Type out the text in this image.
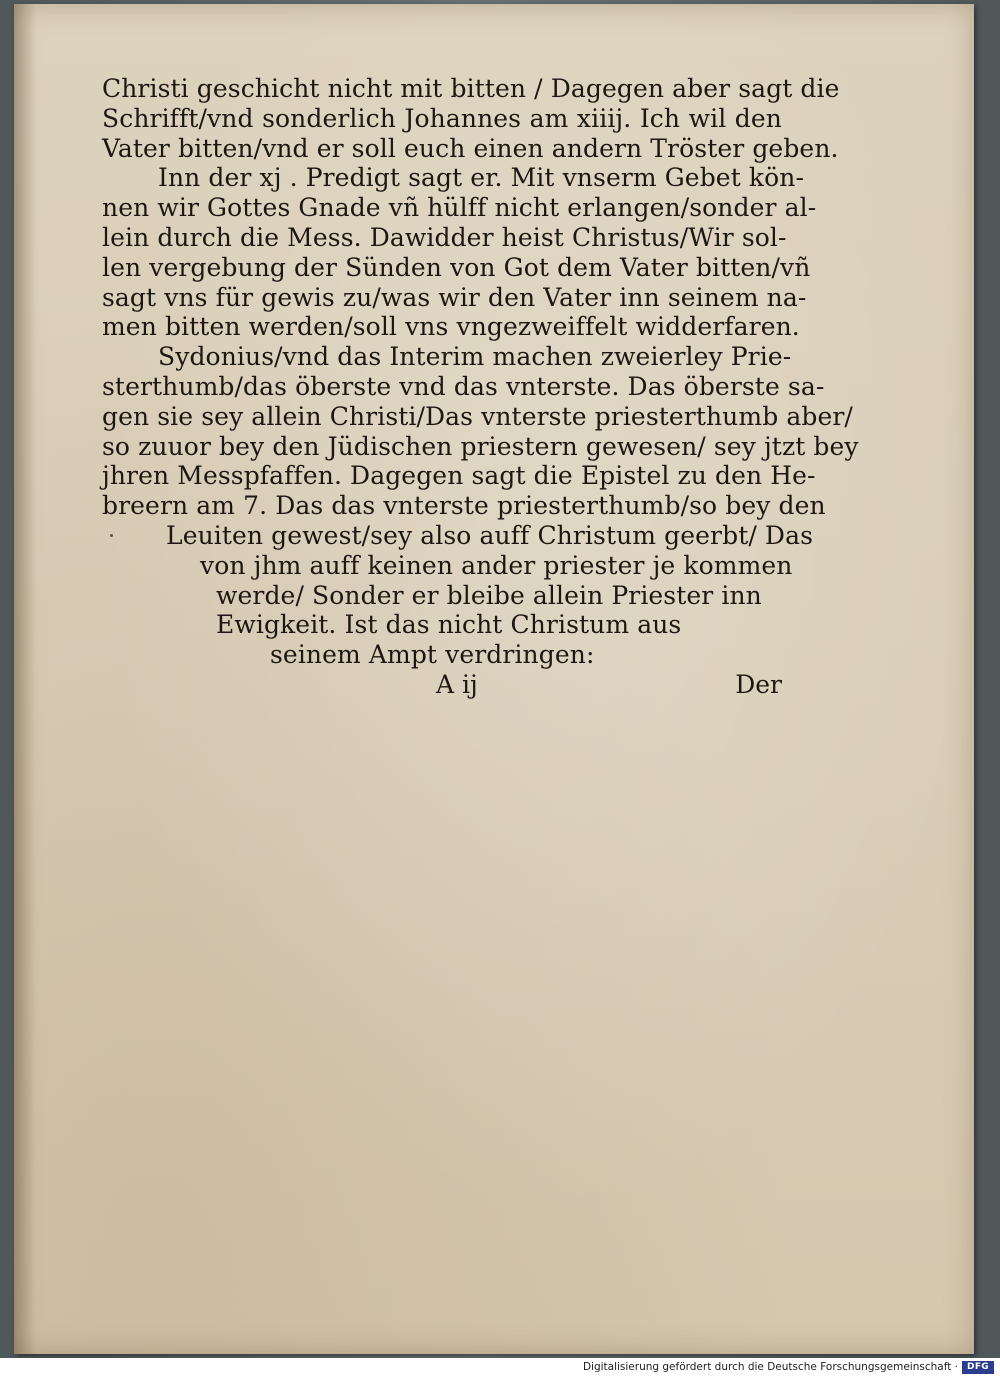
Christi geschicht nicht mit bitten / Dagegen aber sagt die
Schrifft/vnd sonderlich Johannes am xiiij. Ich wil den
Vater bitten/vnd er soll euch einen andern Tröster geben.
Inn der xj . Predigt sagt er. Mit vnserm Gebet kön-
nen wir Gottes Gnade vñ hülff nicht erlangen/sonder al-
lein durch die Mess. Dawidder heist Christus/Wir sol-
len vergebung der Sünden von Got dem Vater bitten/vñ
sagt vns für gewis zu/was wir den Vater inn seinem na-
men bitten werden/soll vns vngezweiffelt widderfaren.
Sydonius/vnd das Interim machen zweierley Prie-
sterthumb/das öberste vnd das vnterste. Das öberste sa-
gen sie sey allein Christi/Das vnterste priesterthumb aber/
so zuuor bey den Jüdischen priestern gewesen/ sey jtzt bey
jhren Messpfaffen. Dagegen sagt die Epistel zu den He-
breern am 7. Das das vnterste priesterthumb/so bey den
Leuiten gewest/sey also auff Christum geerbt/ Das
von jhm auff keinen ander priester je kommen
werde/ Sonder er bleibe allein Priester inn
Ewigkeit. Ist das nicht Christum aus
seinem Ampt verdringen:
A ij	Der
Digitalisierung gefördert durch die Deutsche Forschungsgemeinschaft ·	DFG
